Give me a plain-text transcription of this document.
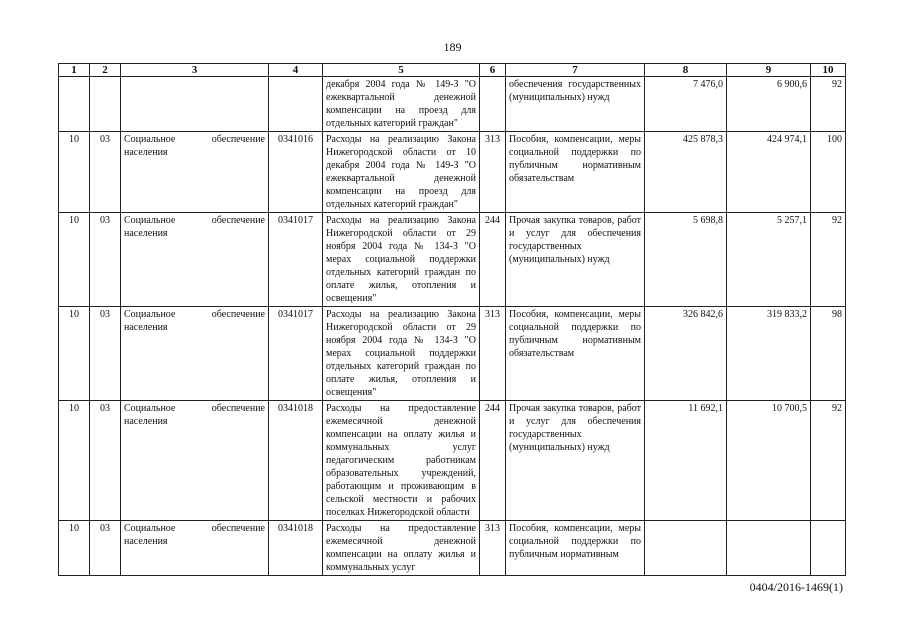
189
1	2	3	4	5	6	7	8	9	10
				декабря 2004 года № 149-З "О ежеквартальной денежной компенсации на проезд для отдельных категорий граждан"		обеспечения государственных (муниципальных) нужд	7 476,0	6 900,6	92
10	03	Социальное обеспечение населения	0341016	Расходы на реализацию Закона Нижегородской области от 10 декабря 2004 года № 149-З "О ежеквартальной денежной компенсации на проезд для отдельных категорий граждан"	313	Пособия, компенсации, меры социальной поддержки по публичным нормативным обязательствам	425 878,3	424 974,1	100
10	03	Социальное обеспечение населения	0341017	Расходы на реализацию Закона Нижегородской области от 29 ноября 2004 года № 134-З "О мерах социальной поддержки отдельных категорий граждан по оплате жилья, отопления и освещения"	244	Прочая закупка товаров, работ и услуг для обеспечения государственных (муниципальных) нужд	5 698,8	5 257,1	92
10	03	Социальное обеспечение населения	0341017	Расходы на реализацию Закона Нижегородской области от 29 ноября 2004 года № 134-З "О мерах социальной поддержки отдельных категорий граждан по оплате жилья, отопления и освещения"	313	Пособия, компенсации, меры социальной поддержки по публичным нормативным обязательствам	326 842,6	319 833,2	98
10	03	Социальное обеспечение населения	0341018	Расходы на предоставление ежемесячной денежной компенсации на оплату жилья и коммунальных услуг педагогическим работникам образовательных учреждений, работающим и проживающим в сельской местности и рабочих поселках Нижегородской области	244	Прочая закупка товаров, работ и услуг для обеспечения государственных (муниципальных) нужд	11 692,1	10 700,5	92
10	03	Социальное обеспечение населения	0341018	Расходы на предоставление ежемесячной денежной компенсации на оплату жилья и коммунальных услуг	313	Пособия, компенсации, меры социальной поддержки по публичным нормативным			
0404/2016-1469(1)
